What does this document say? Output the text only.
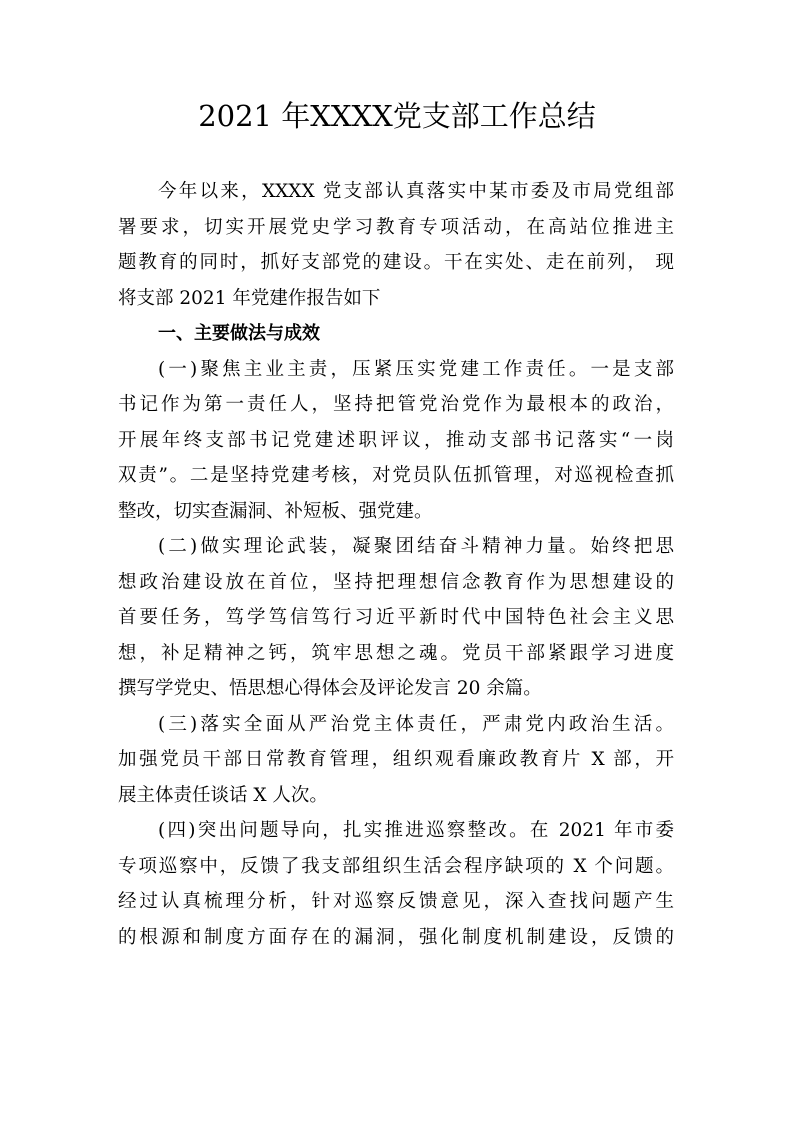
2021 年XXXX党支部工作总结
今年以来，XXXX 党支部认真落实中某市委及市局党组部
署要求，切实开展党史学习教育专项活动，在高站位推进主
题教育的同时，抓好支部党的建设。干在实处、走在前列， 现
将支部 2021 年党建作报告如下
一、主要做法与成效
(一)聚焦主业主责，压紧压实党建工作责任。一是支部
书记作为第一责任人，坚持把管党治党作为最根本的政治，
开展年终支部书记党建述职评议，推动支部书记落实“一岗
双责”。二是坚持党建考核，对党员队伍抓管理，对巡视检查抓
整改，切实查漏洞、补短板、强党建。
(二)做实理论武装，凝聚团结奋斗精神力量。始终把思
想政治建设放在首位，坚持把理想信念教育作为思想建设的
首要任务，笃学笃信笃行习近平新时代中国特色社会主义思
想，补足精神之钙，筑牢思想之魂。党员干部紧跟学习进度
撰写学党史、悟思想心得体会及评论发言 20 余篇。
(三)落实全面从严治党主体责任，严肃党内政治生活。
加强党员干部日常教育管理，组织观看廉政教育片 X 部，开
展主体责任谈话 X 人次。
(四)突出问题导向，扎实推进巡察整改。在 2021 年市委
专项巡察中，反馈了我支部组织生活会程序缺项的 X 个问题。
经过认真梳理分析，针对巡察反馈意见，深入查找问题产生
的根源和制度方面存在的漏洞，强化制度机制建设，反馈的
